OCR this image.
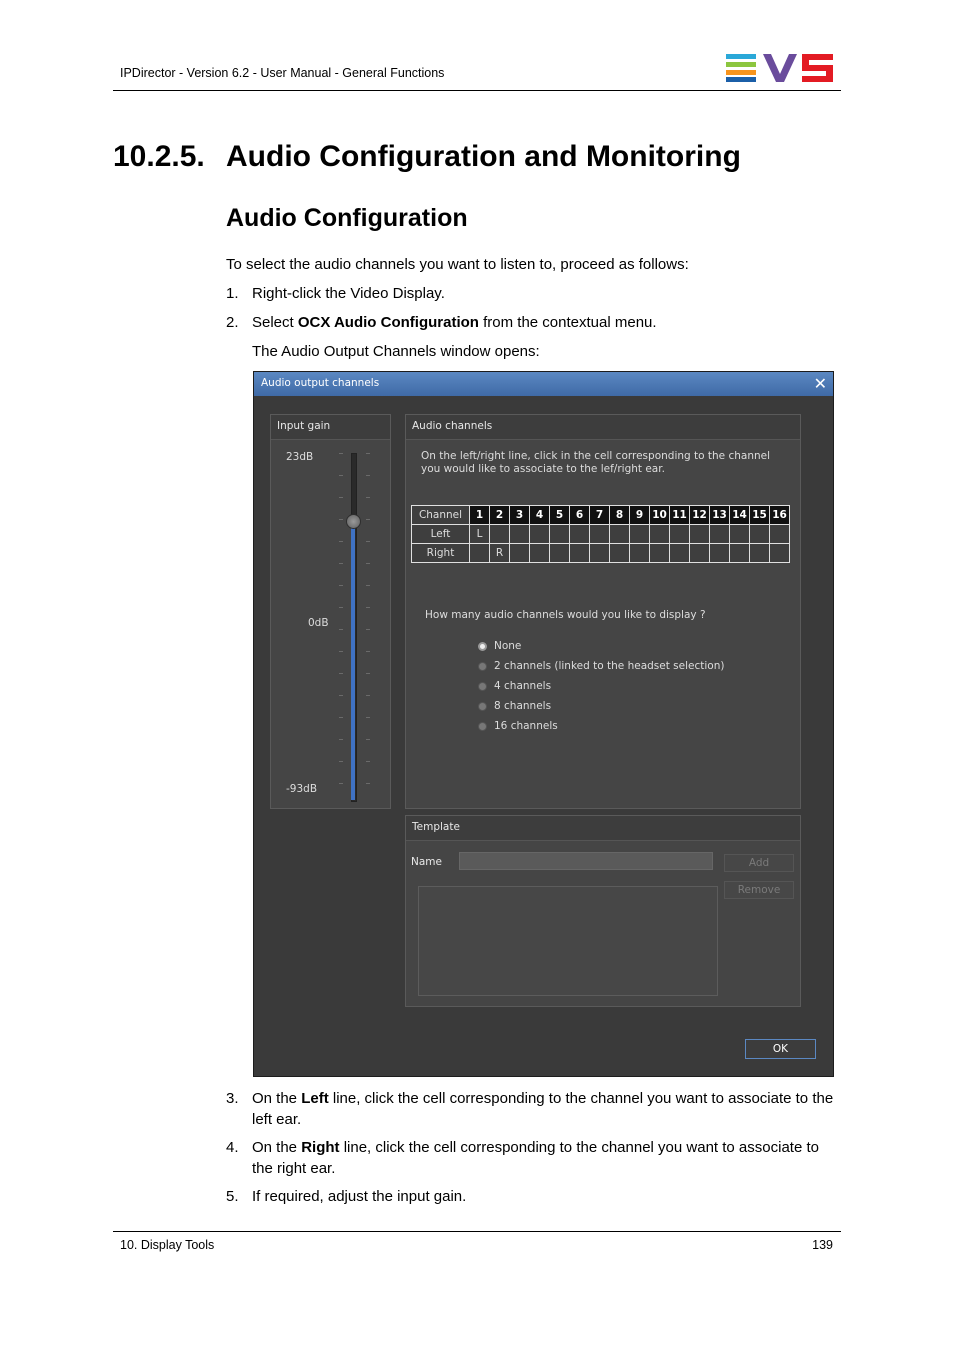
IPDirector - Version 6.2 - User Manual - General Functions
10.2.5. Audio Configuration and Monitoring
Audio Configuration
To select the audio channels you want to listen to, proceed as follows:
1. Right-click the Video Display.
2. Select OCX Audio Configuration from the contextual menu.
The Audio Output Channels window opens:
Audio output channels	✕
Input gain
23dB
0dB
-93dB
Audio channels
On the left/right line, click in the cell corresponding to the channel you would like to associate to the lef/right ear.
Channel	1	2	3	4	5	6	7	8	9	10	11	12	13	14	15	16
Left	L															
Right		R														
How many audio channels would you like to display ?
None
2 channels (linked to the headset selection)
4 channels
8 channels
16 channels
Template
Name	Add
Remove
OK
3. On the Left line, click the cell corresponding to the channel you want to associate to the left ear.
4. On the Right line, click the cell corresponding to the channel you want to associate to the right ear.
5. If required, adjust the input gain.
10. Display Tools	139
